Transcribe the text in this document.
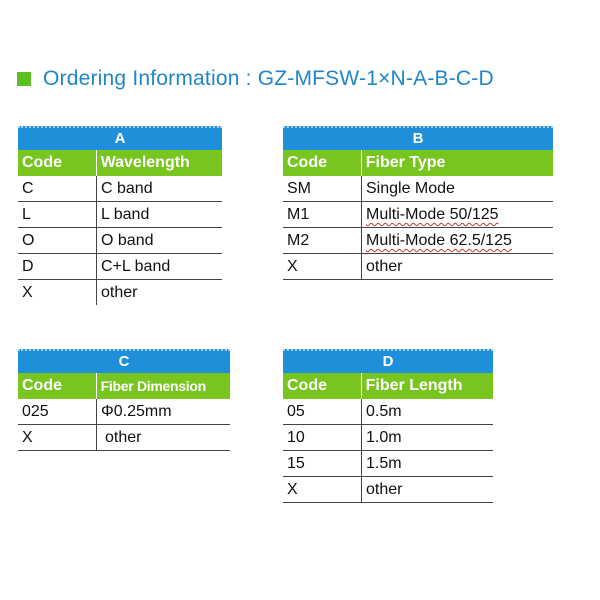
Ordering Information : GZ-MFSW-1×N-A-B-C-D
A
Code	Wavelength
C	C band
L	L band
O	O band
D	C+L band
X	other
B
Code	Fiber Type
SM	Single Mode
M1	Multi-Mode 50/125
M2	Multi-Mode 62.5/125
X	other
C
Code	Fiber Dimension
025	Φ0.25mm
X	other
D
Code	Fiber Length
05	0.5m
10	1.0m
15	1.5m
X	other
